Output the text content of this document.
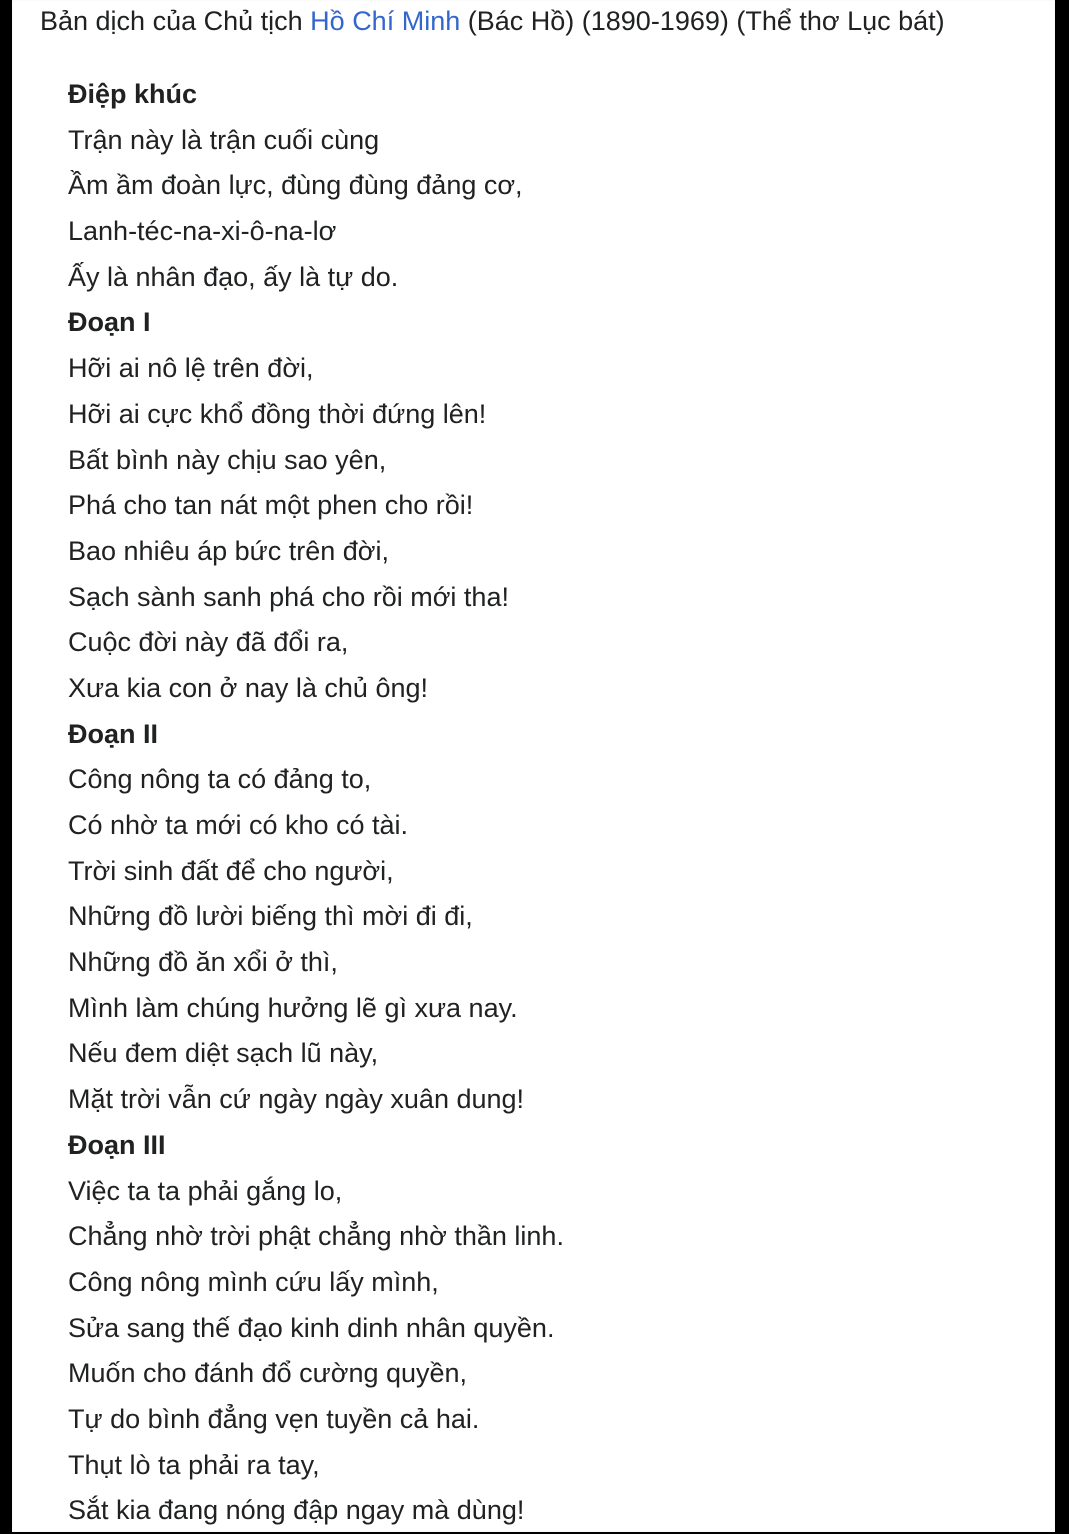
Bản dịch của Chủ tịch Hồ Chí Minh (Bác Hồ) (1890-1969) (Thể thơ Lục bát)
Điệp khúc
Trận này là trận cuối cùng
Ầm ầm đoàn lực, đùng đùng đảng cơ,
Lanh-téc-na-xi-ô-na-lơ
Ấy là nhân đạo, ấy là tự do.
Đoạn I
Hỡi ai nô lệ trên đời,
Hỡi ai cực khổ đồng thời đứng lên!
Bất bình này chịu sao yên,
Phá cho tan nát một phen cho rồi!
Bao nhiêu áp bức trên đời,
Sạch sành sanh phá cho rồi mới tha!
Cuộc đời này đã đổi ra,
Xưa kia con ở nay là chủ ông!
Đoạn II
Công nông ta có đảng to,
Có nhờ ta mới có kho có tài.
Trời sinh đất để cho người,
Những đồ lười biếng thì mời đi đi,
Những đồ ăn xổi ở thì,
Mình làm chúng hưởng lẽ gì xưa nay.
Nếu đem diệt sạch lũ này,
Mặt trời vẫn cứ ngày ngày xuân dung!
Đoạn III
Việc ta ta phải gắng lo,
Chẳng nhờ trời phật chẳng nhờ thần linh.
Công nông mình cứu lấy mình,
Sửa sang thế đạo kinh dinh nhân quyền.
Muốn cho đánh đổ cường quyền,
Tự do bình đẳng vẹn tuyền cả hai.
Thụt lò ta phải ra tay,
Sắt kia đang nóng đập ngay mà dùng!
